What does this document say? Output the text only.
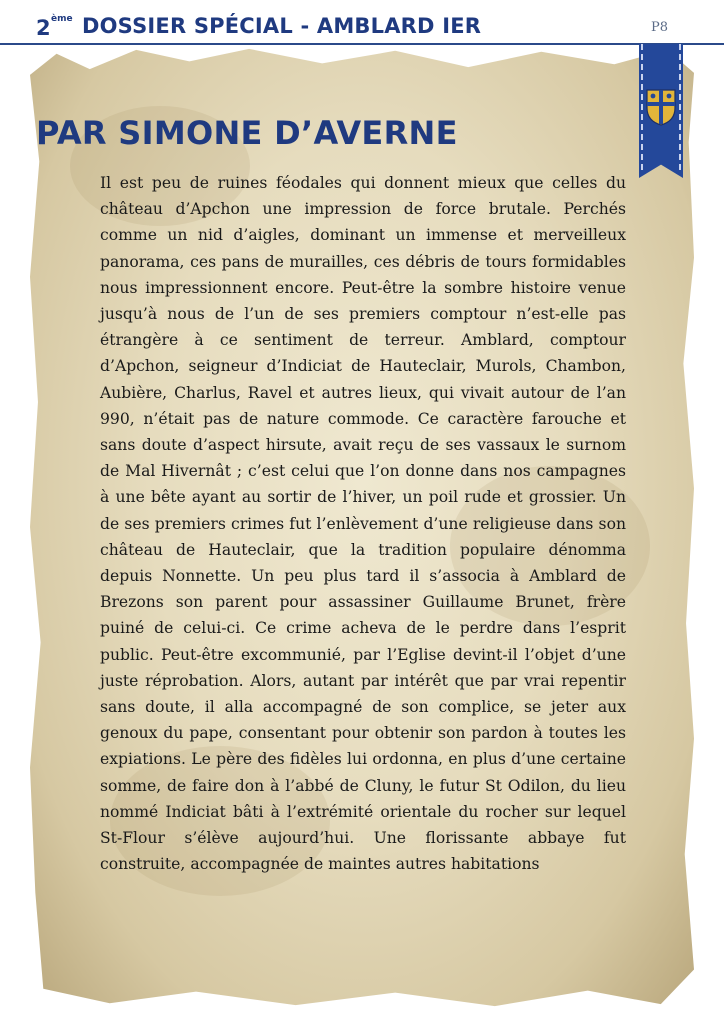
2 ème DOSSIER SPÉCIAL - AMBLARD IER	P8
PAR SIMONE D’AVERNE
Il est peu de ruines féodales qui donnent mieux que celles du château d’Apchon une impression de force brutale. Perchés comme un nid d’aigles, dominant un immense et merveilleux panorama, ces pans de murailles, ces débris de tours formidables nous impressionnent encore. Peut-être la sombre histoire venue jusqu’à nous de l’un de ses premiers comptour n’est-elle pas étrangère à ce sentiment de terreur. Amblard, comptour d’Apchon, seigneur d’Indiciat de Hauteclair, Murols, Chambon, Aubière, Charlus, Ravel et autres lieux, qui vivait autour de l’an 990, n’était pas de nature commode. Ce caractère farouche et sans doute d’aspect hirsute, avait reçu de ses vassaux le surnom de Mal Hivernât ; c’est celui que l’on donne dans nos campagnes à une bête ayant au sortir de l’hiver, un poil rude et grossier. Un de ses premiers crimes fut l’enlèvement d’une religieuse dans son château de Hauteclair, que la tradition populaire dénomma depuis Nonnette. Un peu plus tard il s’associa à Amblard de Brezons son parent pour assassiner Guillaume Brunet, frère puiné de celui-ci. Ce crime acheva de le perdre dans l’esprit public. Peut-être excommunié, par l’Eglise devint-il l’objet d’une juste réprobation. Alors, autant par intérêt que par vrai repentir sans doute, il alla accompagné de son complice, se jeter aux genoux du pape, consentant pour obtenir son pardon à toutes les expiations. Le père des fidèles lui ordonna, en plus d’une certaine somme, de faire don à l’abbé de Cluny, le futur St Odilon, du lieu nommé Indiciat bâti à l’extrémité orientale du rocher sur lequel St-Flour s’élève aujourd’hui. Une florissante abbaye fut construite, accompagnée de maintes autres habitations
